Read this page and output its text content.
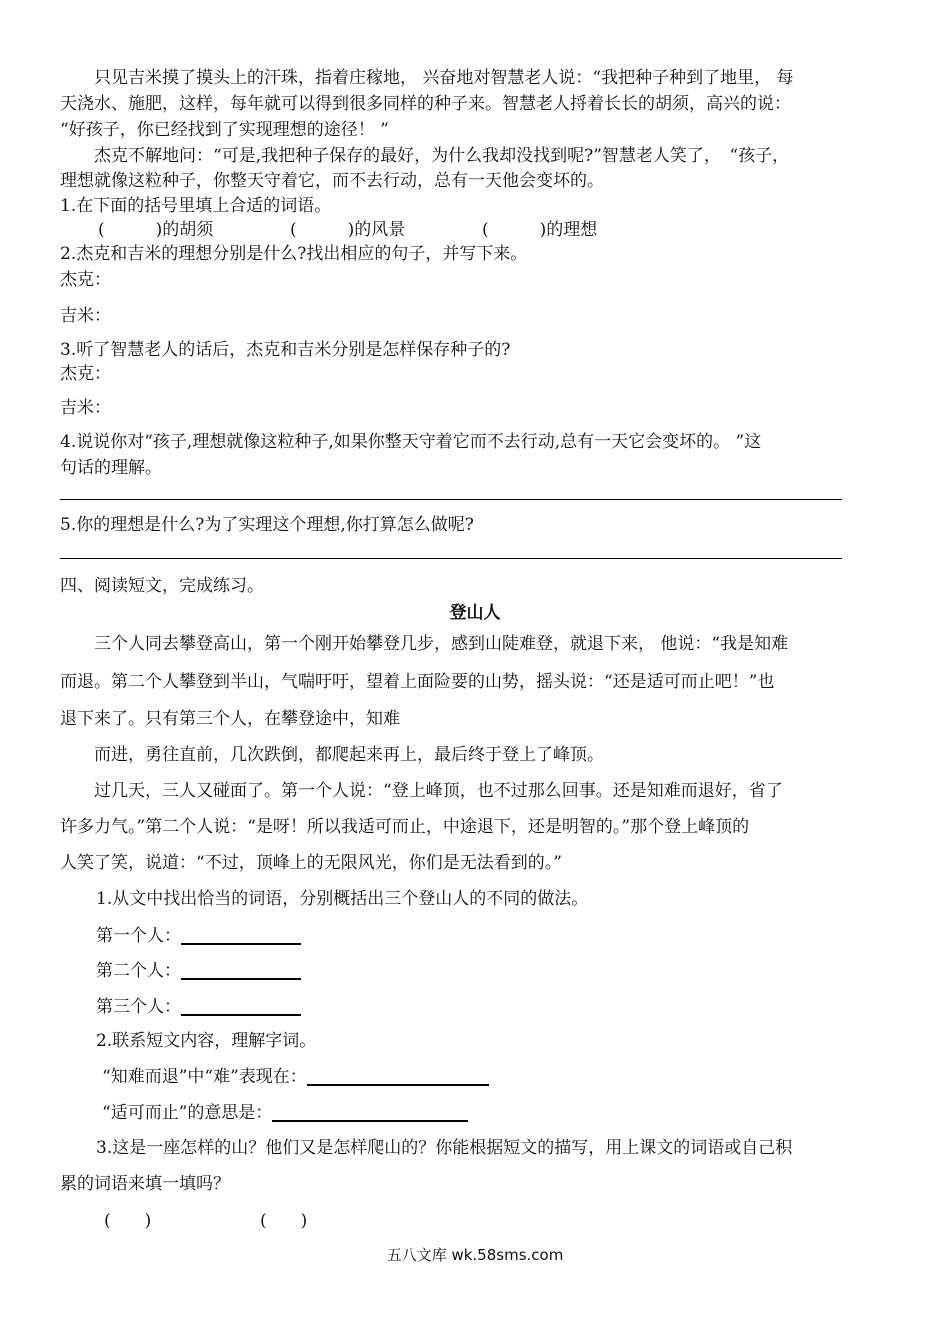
　　只见吉米摸了摸头上的汗珠，指着庄稼地， 兴奋地对智慧老人说：“我把种子种到了地里， 每
天浇水、施肥，这样，每年就可以得到很多同样的种子来。智慧老人捋着长长的胡须，高兴的说：
“好孩子，你已经找到了实现理想的途径！ ”
　　杰克不解地问：“可是,我把种子保存的最好，为什么我却没找到呢?”智慧老人笑了，　“孩子，
理想就像这粒种子，你整天守着它，而不去行动，总有一天他会变坏的。
1.在下面的括号里填上合适的词语。
(　　　)的胡须	(　　　)的风景	(　　　)的理想
2.杰克和吉米的理想分别是什么?找出相应的句子，并写下来。
杰克：
吉米：
3.听了智慧老人的话后，杰克和吉米分别是怎样保存种子的?
杰克：
吉米：
4.说说你对“孩子,理想就像这粒种子,如果你整天守着它而不去行动,总有一天它会变坏的。 ”这
句话的理解。
5.你的理想是什么?为了实理这个理想,你打算怎么做呢?
四、阅读短文，完成练习。
登山人
　　三个人同去攀登高山，第一个刚开始攀登几步，感到山陡难登，就退下来， 他说：“我是知难
而退。第二个人攀登到半山，气喘吁吁，望着上面险要的山势，摇头说：“还是适可而止吧！”也
退下来了。只有第三个人，在攀登途中，知难
　　而进，勇往直前，几次跌倒，都爬起来再上，最后终于登上了峰顶。
　　过几天，三人又碰面了。第一个人说：“登上峰顶，也不过那么回事。还是知难而退好，省了
许多力气。”第二个人说：“是呀！所以我适可而止，中途退下，还是明智的。”那个登上峰顶的
人笑了笑，说道：“不过，顶峰上的无限风光，你们是无法看到的。”
1.从文中找出恰当的词语，分别概括出三个登山人的不同的做法。
第一个人：
第二个人：
第三个人：
2.联系短文内容，理解字词。
“知难而退”中“难”表现在：
“适可而止”的意思是：
3.这是一座怎样的山？他们又是怎样爬山的？你能根据短文的描写，用上课文的词语或自己积
累的词语来填一填吗？
(　　)	(　　)
五八文库 wk.58sms.com
